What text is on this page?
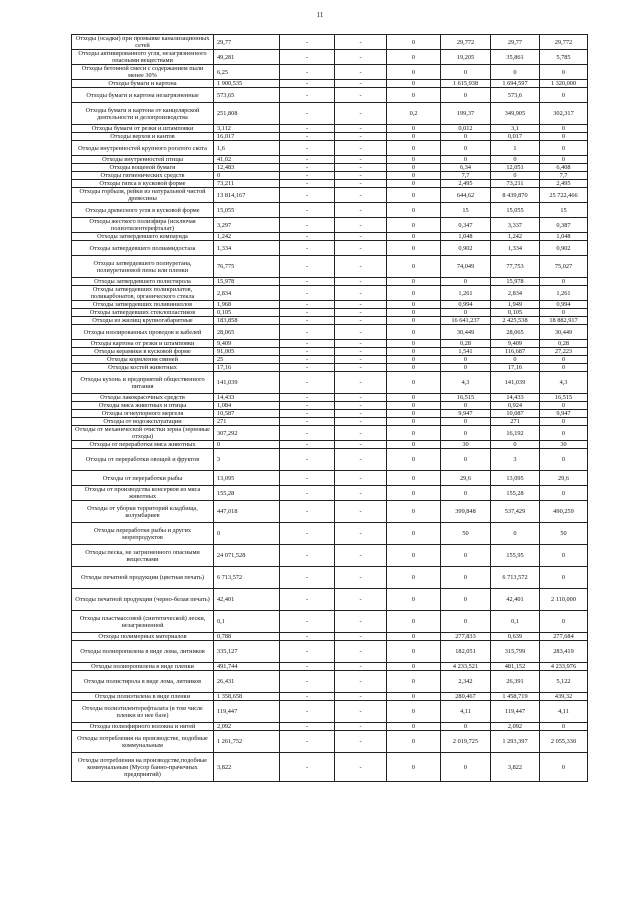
11
Отходы (осадки) при промывке канализационных сетей	29,77	-	-	0	29,772	29,77	29,772
Отходы активированного угля, незагрязненного опасными веществами	49,281	-	-	0	19,205	35,861	5,785
Отходы бетонной смеси с содержанием пыли менее 30%	6,25	-	-	0	0	0	0
Отходы бумаги и картона	1 900,535	-	-	0	1 615,938	1 694,597	1 320,000
Отходы бумаги и картона незагрязненные	573,65	-	-	0	0	573,6	0
Отходы бумаги и картона от канцелярской деятельности и делопроизводства	251,808	-	-	0,2	199,37	349,905	302,317
Отходы бумаги от резки и штамповки	3,112	-	-	0	0,012	3,1	0
Отходы верхов и кантов	16,017	-	-	0	0	0,017	0
Отходы внутренностей крупного рогатого скота	1,6	-	-	0	0	1	0
Отходы внутренностей птицы	41,02	-	-	0	0	0	0
Отходы вощеной бумаги	12,483	-	-	0	6,34	12,051	6,408
Отходы гигиенических средств	0	-	-	0	7,7	0	7,7
Отходы гипса в кусковой форме	73,211	-	-	0	2,495	73,211	2,495
Отходы горбыля, рейки из натуральной чистой древесины	13 814,167	-	-	0	644,62	8 439,870	25 722,466
Отходы древесного угля в кусковой форме	15,055	-	-	0	15	15,055	15
Отходы жесткого полиэфира (исключая полиэтилентерефталат)	3,297	-	-	0	0,347	3,337	0,387
Отходы затвердевшего компаунда	1,242	-	-	0	1,048	1,242	1,048
Отходы затвердевшего полиамидостаза	1,334	-	-	0	0,902	1,334	0,902
Отходы затвердевшего полиуретана, полиуретановой пены или пленки	76,775	-	-	0	74,049	77,753	75,027
Отходы затвердевшего полистирола	15,978	-	-	0	0	15,978	0
Отходы затвердевших поликрилатов, поликарбонатов, органического стекла	2,834	-	-	0	1,261	2,834	1,261
Отходы затвердевших поливиниллов	1,968	-	-	0	0,994	1,949	0,994
Отходы затвердевших стеклопластиков	0,105	-	-	0	0	0,105	0
Отходы из жилищ крупногабаритные	183,858	-	-	0	16 641,237	2 425,538	18 882,917
Отходы изолированных проводов и кабелей	28,065	-	-	0	30,449	28,065	30,449
Отходы картона от резки и штамповки	9,409	-	-	0	0,28	9,409	0,28
Отходы керамики в кусковой форме	91,005	-	-	0	1,541	116,687	27,223
Отходы кормления свиней	25	-	-	0	0	0	0
Отходы костей животных	17,16	-	-	0	0	17,16	0
Отходы кухонь и предприятий общественного питания	141,039	-	-	0	4,3	141,039	4,3
Отходы лакокрасочных средств	14,433	-	-	0	16,515	14,433	16,515
Отходы мяса животных и птицы	1,084	-	-	0	0	0,924	0
Отходы огнеупорного мергеля	10,587	-	-	0	9,947	10,087	9,947
Отходы от водоэксплуатации	271	-	-	0	0	271	0
Отходы от механической очистки зерна (зерновые отходы)	307,292	-	-	0	0	16,192	0
Отходы от переработки мяса животных	0	-	-	0	30	0	30
Отходы от переработки овощей и фруктов	3	-	-	0	0	3	0
Отходы от переработки рыбы	13,095	-	-	0	29,6	13,095	29,6
Отходы от производства консервов из мяса животных	155,28	-	-	0	0	155,28	0
Отходы от уборки территорий кладбища, колумбариев	447,018	-	-	0	399,848	537,429	490,259
Отходы переработки рыбы и других морепродуктов	0	-	-	0	50	0	50
Отходы песка, не загрязненного опасными веществами	24 071,528	-	-	0	0	155,95	0
Отходы печатной продукции (цветная печать)	6 713,572	-	-	0	0	6 713,572	0
Отходы печатной продукции (черно-белая печать)	42,401	-	-	0	0	42,401	2 110,000
Отходы пластмассовой (синтетической) лески, незагрязненной	0,1	-	-	0	0	0,1	0
Отходы полимерных материалов	0,788	-	-	0	277,833	0,639	277,684
Отходы полипропилена в виде лома, литников	335,127	-	-	0	182,051	315,799	283,419
Отходы полипропилена в виде пленки	491,744	-	-	0	4 233,521	481,152	4 233,976
Отходы полистирола в виде лома, литников	26,431	-	-	0	2,342	26,391	5,122
Отходы полиэтилена в виде пленки	1 358,658	-	-	0	280,467	1 458,719	439,32
Отходы полиэтилентерефталата (в том числе пленки из нее базе)	119,447	-	-	0	4,11	119,447	4,11
Отходы полиэфирного волокна и нитей	2,092	-	-	0	0	2,092	0
Отходы потребления на производстве, подобные коммунальным	1 261,752	-	-	0	2 019,725	1 293,397	2 055,330
Отходы потребления на производстве,подобные коммунальным (Мусор банно-прачечных предприятий)	3,822	-	-	0	0	3,822	0
